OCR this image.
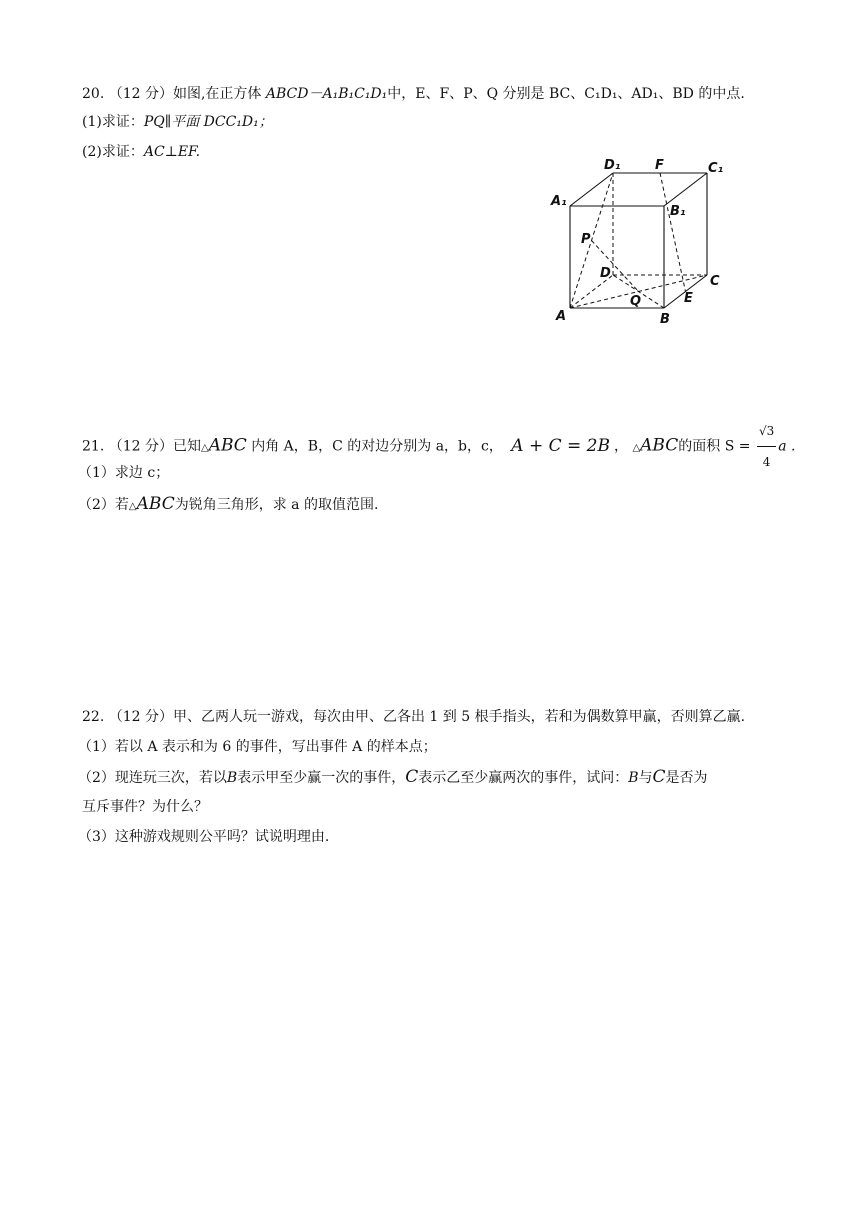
20. （12 分）如图,在正方体 ABCD－A₁B₁C₁D₁中，E、F、P、Q 分别是 BC、C₁D₁、AD₁、BD 的中点.
(1)求证：PQ∥平面 DCC₁D₁；
(2)求证：AC⊥EF.
D₁	F	C₁
A₁
B₁
P
D
C
Q	E
A	B
21. （12 分）已知△ABC 内角 A，B，C 的对边分别为 a，b，c， A + C = 2B ， △ABC的面积 $S = \frac{√3}{4}$ a .
（1）求边 c；
（2）若△ABC为锐角三角形，求 a 的取值范围.
22. （12 分）甲、乙两人玩一游戏，每次由甲、乙各出 1 到 5 根手指头，若和为偶数算甲赢，否则算乙赢.
（1）若以 A 表示和为 6 的事件，写出事件 A 的样本点；
（2）现连玩三次，若以B表示甲至少赢一次的事件，C表示乙至少赢两次的事件，试问：B与C是否为
互斥事件？为什么？
（3）这种游戏规则公平吗？试说明理由.
